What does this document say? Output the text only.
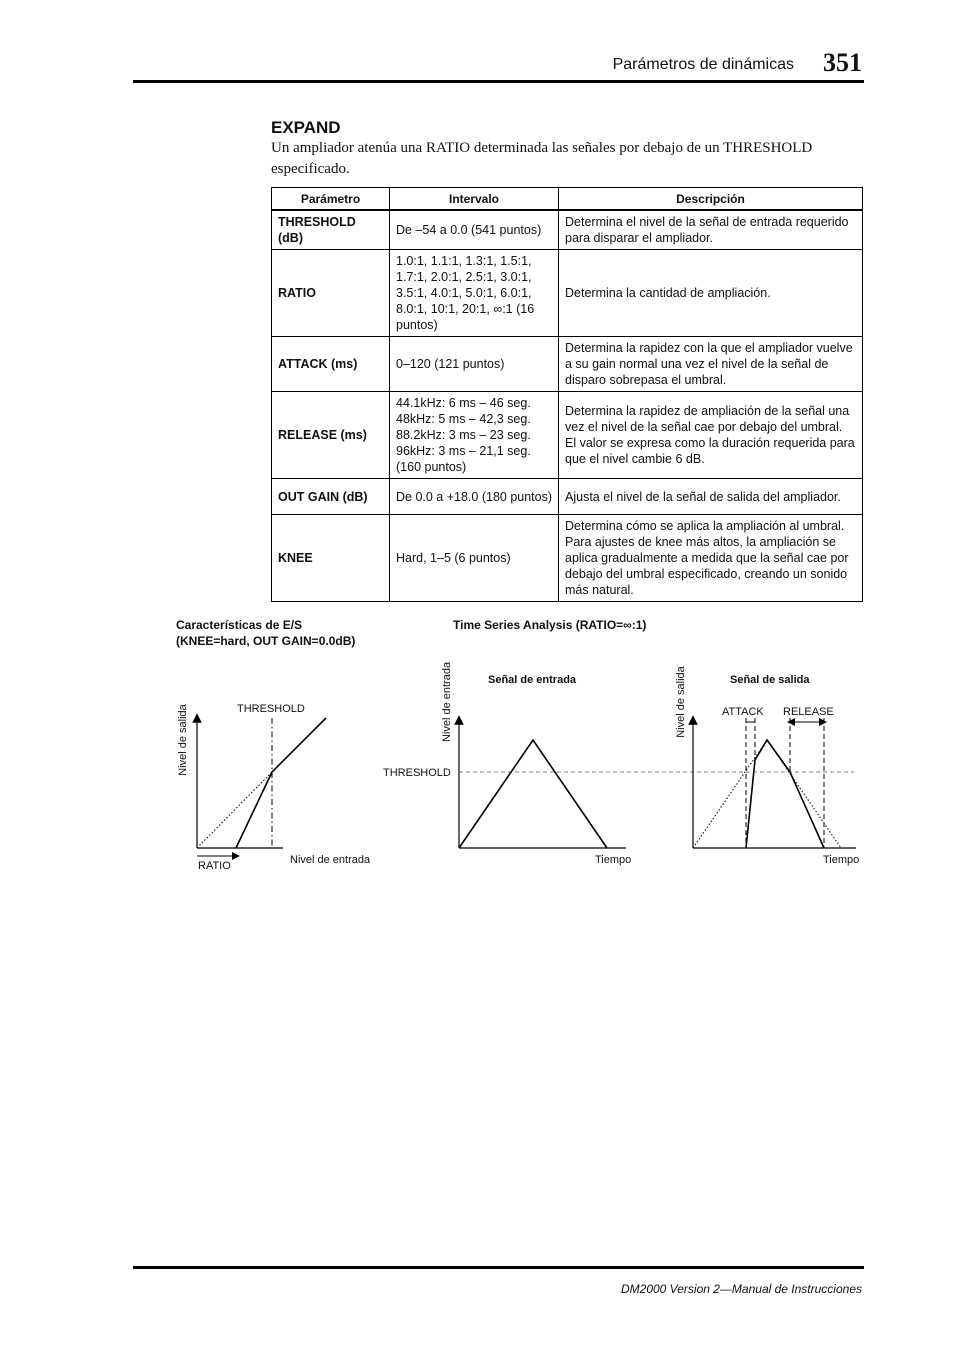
Parámetros de dinámicas 351
EXPAND
Un ampliador atenúa una RATIO determinada las señales por debajo de un THRESHOLD especificado.
Parámetro	Intervalo	Descripción
THRESHOLD (dB)	De –54 a 0.0 (541 puntos)	Determina el nivel de la señal de entrada requerido para disparar el ampliador.
RATIO	1.0:1, 1.1:1, 1.3:1, 1.5:1, 1.7:1, 2.0:1, 2.5:1, 3.0:1, 3.5:1, 4.0:1, 5.0:1, 6.0:1, 8.0:1, 10:1, 20:1, ∞:1 (16 puntos)	Determina la cantidad de ampliación.
ATTACK (ms)	0–120 (121 puntos)	Determina la rapidez con la que el ampliador vuelve a su gain normal una vez el nivel de la señal de disparo sobrepasa el umbral.
RELEASE (ms)	44.1kHz: 6 ms – 46 seg. 48kHz: 5 ms – 42,3 seg. 88.2kHz: 3 ms – 23 seg. 96kHz: 3 ms – 21,1 seg. (160 puntos)	Determina la rapidez de ampliación de la señal una vez el nivel de la señal cae por debajo del umbral. El valor se expresa como la duración requerida para que el nivel cambie 6 dB.
OUT GAIN (dB)	De 0.0 a +18.0 (180 puntos)	Ajusta el nivel de la señal de salida del ampliador.
KNEE	Hard, 1–5 (6 puntos)	Determina cómo se aplica la ampliación al umbral. Para ajustes de knee más altos, la ampliación se aplica gradualmente a medida que la señal cae por debajo del umbral especificado, creando un sonido más natural.
Características de E/S
(KNEE=hard, OUT GAIN=0.0dB)
Time Series Analysis (RATIO=∞:1)
Nivel de salida	THRESHOLD
Nivel de entrada
RATIO
Nivel de entrada	Señal de entrada
THRESHOLD
Tiempo
Nivel de salida	Señal de salida
ATTACK RELEASE
Tiempo
DM2000 Version 2—Manual de Instrucciones
